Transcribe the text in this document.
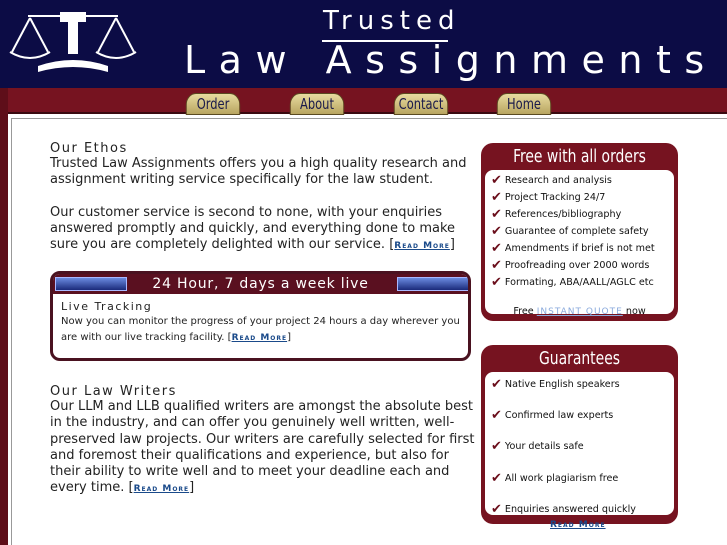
Trusted
Law Assignments
Order	About	Contact	Home
Our Ethos
Trusted Law Assignments offers you a high quality research and assignment writing service specifically for the law student.
Our customer service is second to none, with your enquiries answered promptly and quickly, and everything done to make sure you are completely delighted with our service. [Read More]
24 Hour, 7 days a week live tracking
Live Tracking
Now you can monitor the progress of your project 24 hours a day wherever you are with our live tracking facility. [Read More]
Our Law Writers
Our LLM and LLB qualified writers are amongst the absolute best in the industry, and can offer you genuinely well written, well-preserved law projects. Our writers are carefully selected for first and foremost their qualifications and experience, but also for their ability to write well and to meet your deadline each and every time. [Read More]
Free with all orders
✔ Research and analysis
✔ Project Tracking 24/7
✔ References/bibliography
✔ Guarantee of complete safety
✔ Amendments if brief is not met
✔ Proofreading over 2000 words
✔ Formating, ABA/AALL/AGLC etc
Free INSTANT QUOTE now
Guarantees
✔ Native English speakers
✔ Confirmed law experts
✔ Your details safe
✔ All work plagiarism free
✔ Enquiries answered quickly
Read More
